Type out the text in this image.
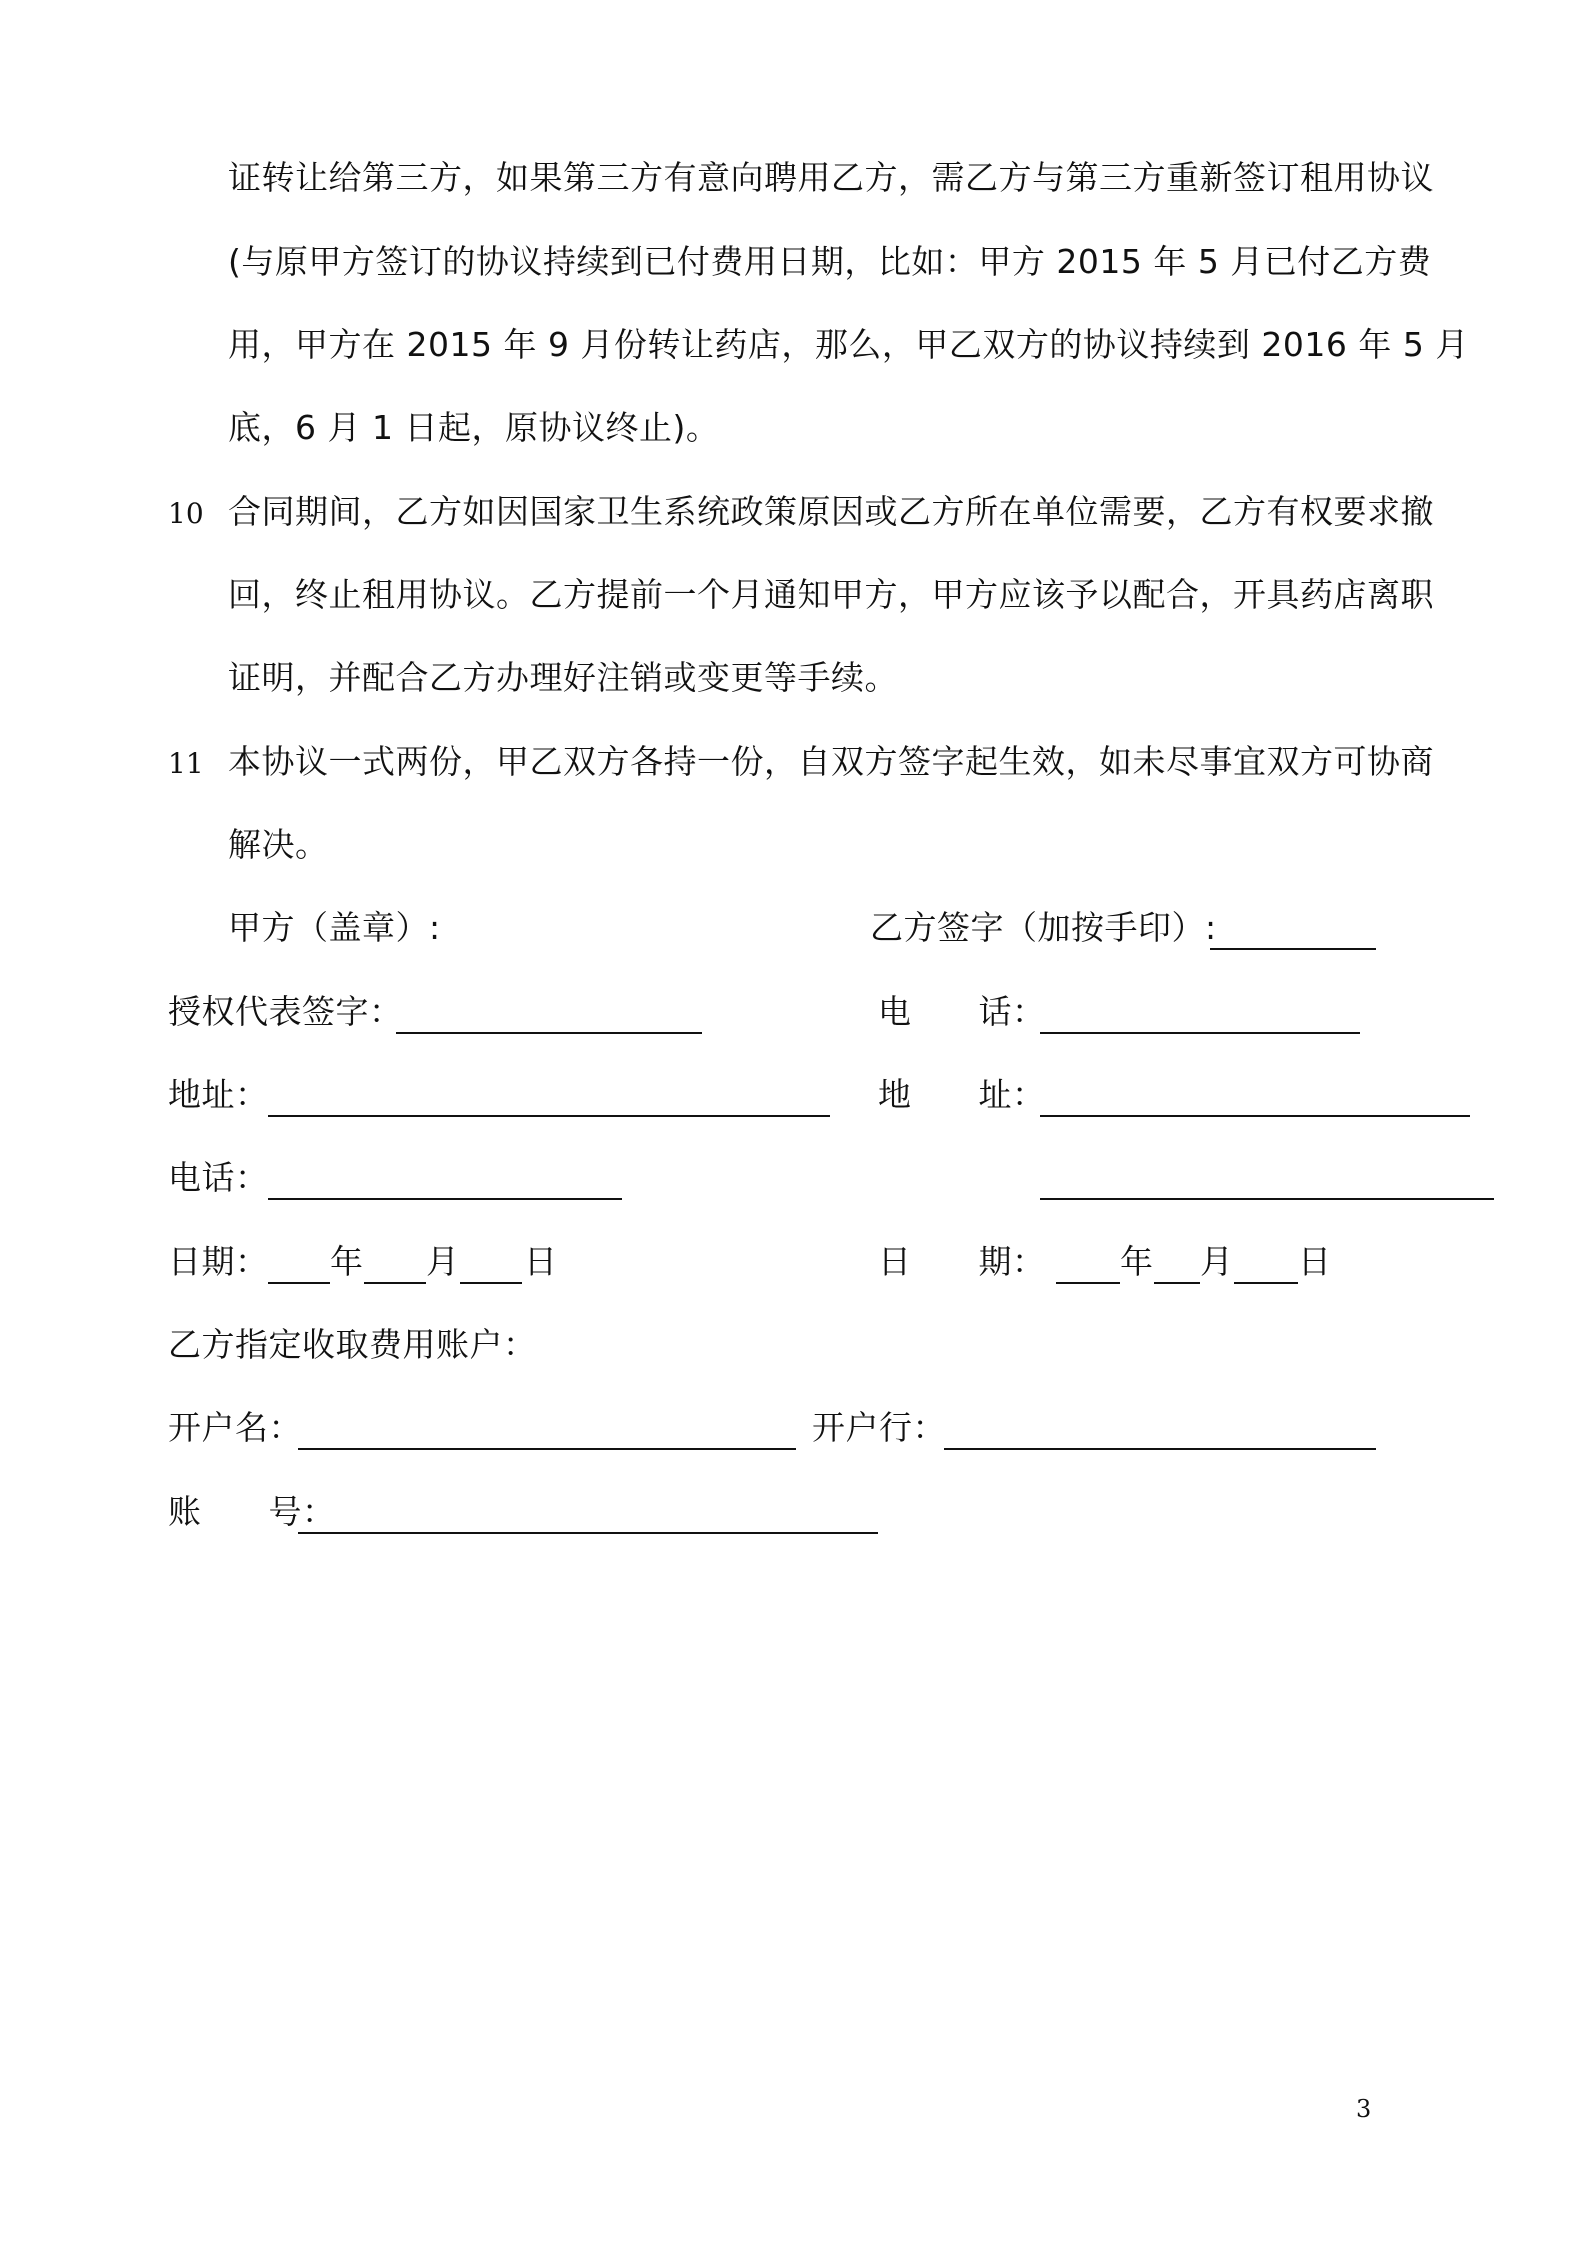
证转让给第三方，如果第三方有意向聘用乙方，需乙方与第三方重新签订租用协议
(与原甲方签订的协议持续到已付费用日期，比如：甲方 2015 年 5 月已付乙方费
用，甲方在 2015 年 9 月份转让药店，那么，甲乙双方的协议持续到 2016 年 5 月
底，6 月 1 日起，原协议终止)。
10 合同期间，乙方如因国家卫生系统政策原因或乙方所在单位需要，乙方有权要求撤
回，终止租用协议。乙方提前一个月通知甲方，甲方应该予以配合，开具药店离职
证明，并配合乙方办理好注销或变更等手续。
11 本协议一式两份，甲乙双方各持一份，自双方签字起生效，如未尽事宜双方可协商
解决。
甲方（盖章）:	乙方签字（加按手印）:
授权代表签字：	电　　话：
地址：	地　　址：
电话：
日期： 年 月 日	日　　期： 年 月 日
乙方指定收取费用账户：
开户名：	开户行：
账　　号：
3
